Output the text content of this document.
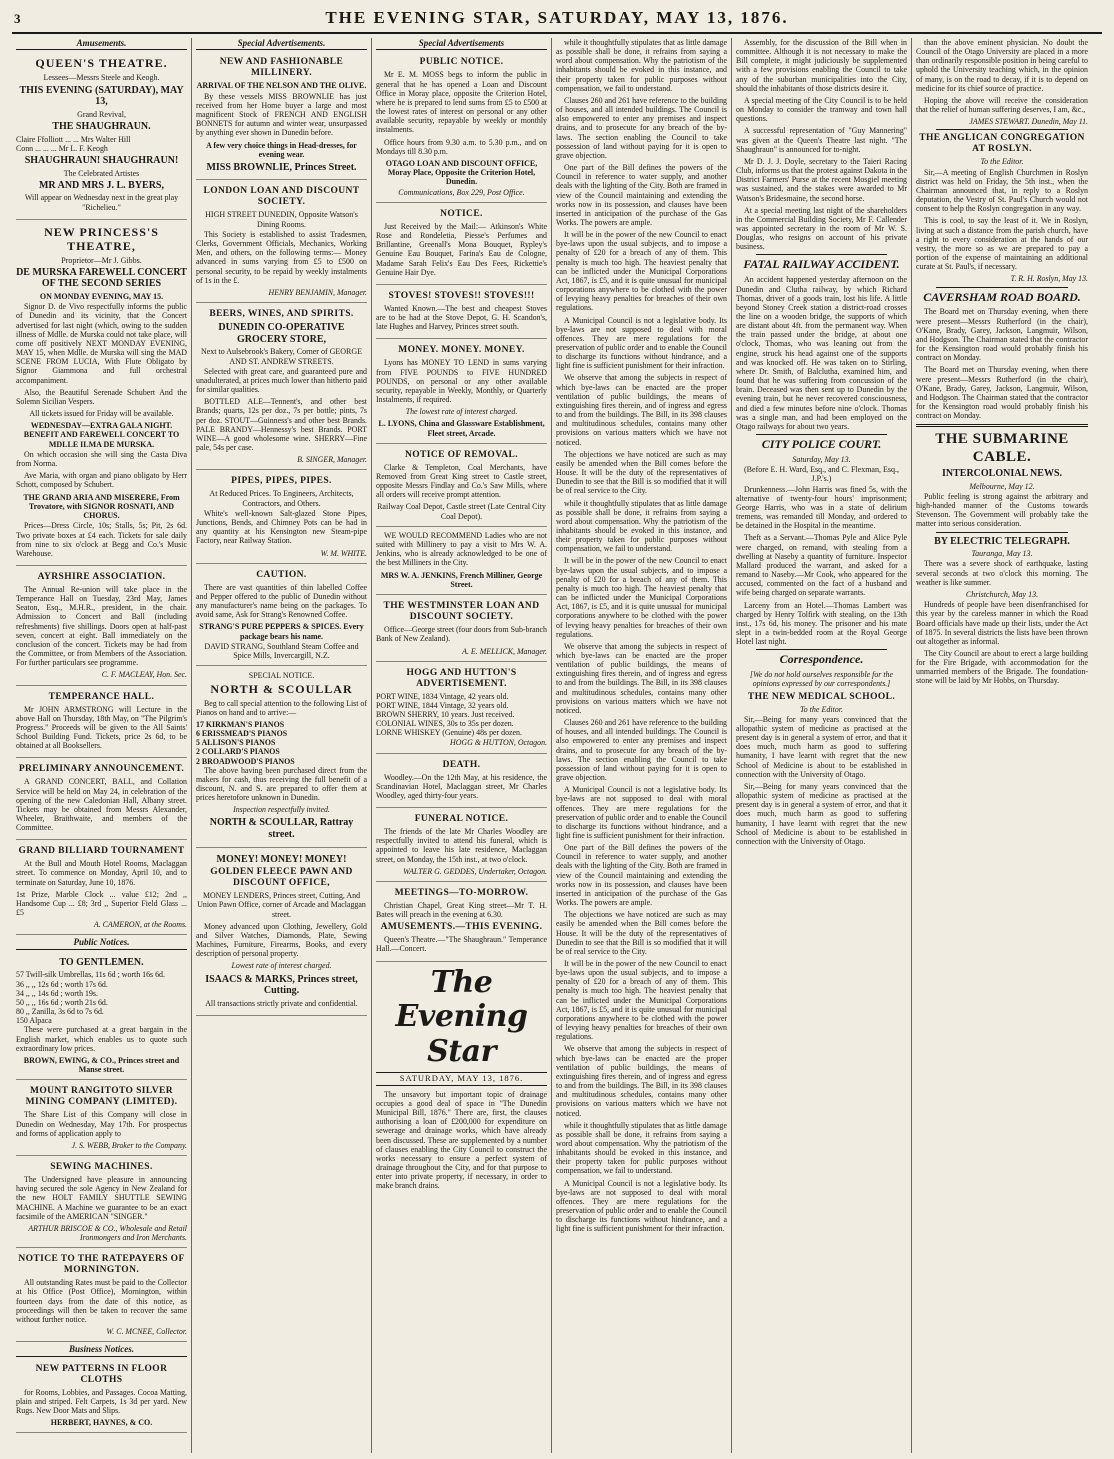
3	THE EVENING STAR, SATURDAY, MAY 13, 1876.
Amusements.
QUEEN'S THEATRE.
Lessees—Messrs Steele and Keogh.
THIS EVENING (SATURDAY), MAY 13,
Grand Revival,
THE SHAUGHRAUN.
Claire Ffolliott ... ... Mrs Walter Hill
Conn ... ... ... Mr L. F. Keogh
SHAUGHRAUN! SHAUGHRAUN!
The Celebrated Artistes
MR AND MRS J. L. BYERS,

Will appear on Wednesday next in the great play "Richelieu."

NEW PRINCESS'S THEATRE,
Proprietor—Mr J. Gibbs.
DE MURSKA FAREWELL CONCERT OF THE SECOND SERIES
ON MONDAY EVENING, MAY 15.

Signor D. de Vivo respectfully informs the public of Dunedin and its vicinity, that the Concert advertised for last night (which, owing to the sudden illness of Mdlle. de Murska could not take place, will come off positively NEXT MONDAY EVENING, MAY 15, when Mdlle. de Murska will sing the MAD SCENE FROM LUCIA, With Flute Obligato by Signor Giammona and full orchestral accompaniment.

Also, the Beautiful Serenade Schubert And the Solemn Sicilian Vespers.

All tickets issued for Friday will be available.

WEDNESDAY—EXTRA GALA NIGHT. BENEFIT AND FAREWELL CONCERT TO MDLLE ILMA DE MURSKA.

On which occasion she will sing the Casta Diva from Norma.

Ave Maria, with organ and piano obligato by Herr Schott, composed by Schubert.

THE GRAND ARIA AND MISERERE, From Trovatore, with SIGNOR ROSNATI, AND CHORUS.

Prices—Dress Circle, 10s; Stalls, 5s; Pit, 2s 6d. Two private boxes at £4 each. Tickets for sale daily from nine to six o'clock at Begg and Co.'s Music Warehouse.

AYRSHIRE ASSOCIATION.

The Annual Re-union will take place in the Temperance Hall on Tuesday, 23rd May, James Seaton, Esq., M.H.R., president, in the chair. Admission to Concert and Ball (including refreshments) five shillings. Doors open at half-past seven, concert at eight. Ball immediately on the conclusion of the concert. Tickets may be had from the Committee, or from Members of the Association. For further particulars see programme.

C. F. MACLEAY, Hon. Sec.
TEMPERANCE HALL.

Mr JOHN ARMSTRONG will Lecture in the above Hall on Thursday, 18th May, on "The Pilgrim's Progress." Proceeds will be given to the All Saints' School Building Fund. Tickets, price 2s 6d, to be obtained at all Booksellers.

PRELIMINARY ANNOUNCEMENT.

A GRAND CONCERT, BALL, and Collation Service will be held on May 24, in celebration of the opening of the new Caledonian Hall, Albany street. Tickets may be obtained from Messrs Alexander, Wheeler, Braithwaite, and members of the Committee.

GRAND BILLIARD TOURNAMENT

At the Bull and Mouth Hotel Rooms, Maclaggan street. To commence on Monday, April 10, and to terminate on Saturday, June 10, 1876.

1st Prize, Marble Clock ... value £12; 2nd ,, Handsome Cup ... £8; 3rd ,, Superior Field Glass ... £5

A. CAMERON, at the Rooms.
Public Notices.
TO GENTLEMEN.
57 Twill-silk Umbrellas, 11s 6d ; worth 16s 6d.
36 ,, ,, 12s 6d ; worth 17s 6d.
34 ,, ,, 14s 6d ; worth 19s.
50 ,, ,, 16s 6d ; worth 21s 6d.
80 ,, Zanilla, 3s 6d to 7s 6d.
150 Alpaca

These were purchased at a great bargain in the English market, which enables us to quote such extraordinary low prices.

BROWN, EWING, & CO., Princes street and Manse street.
MOUNT RANGITOTO SILVER MINING COMPANY (LIMITED).

The Share List of this Company will close in Dunedin on Wednesday, May 17th. For prospectus and forms of application apply to

J. S. WEBB, Broker to the Company.
SEWING MACHINES.

The Undersigned have pleasure in announcing having secured the sole Agency in New Zealand for the new HOLT FAMILY SHUTTLE SEWING MACHINE. A Machine we guarantee to be an exact facsimile of the AMERICAN "SINGER."

ARTHUR BRISCOE & CO., Wholesale and Retail Ironmongers and Iron Merchants.
NOTICE TO THE RATEPAYERS OF MORNINGTON.

All outstanding Rates must be paid to the Collector at his Office (Post Office), Mornington, within fourteen days from the date of this notice, as proceedings will then be taken to recover the same without further notice.

W. C. MCNEE, Collector.
Business Notices.
NEW PATTERNS IN FLOOR CLOTHS

for Rooms, Lobbies, and Passages. Cocoa Matting, plain and striped. Felt Carpets, 1s 3d per yard. New Rugs. New Door Mats and Slips.

HERBERT, HAYNES, & CO.
Special Advertisements.
NEW AND FASHIONABLE MILLINERY.
ARRIVAL OF THE NELSON AND THE OLIVE.

By these vessels MISS BROWNLIE has just received from her Home buyer a large and most magnificent Stock of FRENCH AND ENGLISH BONNETS for autumn and winter wear, unsurpassed by anything ever shown in Dunedin before.

A few very choice things in Head-dresses, for evening wear.

MISS BROWNLIE, Princes Street.
LONDON LOAN AND DISCOUNT SOCIETY.
HIGH STREET DUNEDIN, Opposite Watson's Dining Rooms.

This Society is established to assist Tradesmen, Clerks, Government Officials, Mechanics, Working Men, and others, on the following terms:— Money advanced in sums varying from £5 to £500 on personal security, to be repaid by weekly instalments of 1s in the £.

HENRY BENJAMIN, Manager.
BEERS, WINES, AND SPIRITS.
DUNEDIN CO-OPERATIVE GROCERY STORE,
Next to Aulsebrook's Bakery, Corner of GEORGE AND ST. ANDREW STREETS.

Selected with great care, and guaranteed pure and unadulterated, at prices much lower than hitherto paid for similar qualities.

BOTTLED ALE—Tennent's, and other best Brands; quarts, 12s per doz., 7s per bottle; pints, 7s per doz. STOUT—Guinness's and other best Brands. PALE BRANDY—Hennessy's best Brands. PORT WINE—A good wholesome wine. SHERRY—Fine pale, 54s per case.

B. SINGER, Manager.
PIPES, PIPES, PIPES.
At Reduced Prices. To Engineers, Architects, Contractors, and Others.

White's well-known Salt-glazed Stone Pipes, Junctions, Bends, and Chimney Pots can be had in any quantity at his Kensington new Steam-pipe Factory, near Railway Station.

W. M. WHITE.
CAUTION.

There are vast quantities of thin labelled Coffee and Pepper offered to the public of Dunedin without any manufacturer's name being on the packages. To avoid same, Ask for Strang's Renowned Coffee.

STRANG'S PURE PEPPERS & SPICES. Every package bears his name.
DAVID STRANG, Southland Steam Coffee and Spice Mills, Invercargill, N.Z.
SPECIAL NOTICE.
NORTH & SCOULLAR

Beg to call special attention to the following List of Pianos on hand and to arrive:—

17 KIRKMAN'S PIANOS
6 ERISSMEAD'S PIANOS
5 ALLISON'S PIANOS
2 COLLARD'S PIANOS
2 BROADWOOD'S PIANOS

The above having been purchased direct from the makers for cash, thus receiving the full benefit of a discount, N. and S. are prepared to offer them at prices heretofore unknown in Dunedin.

Inspection respectfully invited.

NORTH & SCOULLAR, Rattray street.
MONEY! MONEY! MONEY!
GOLDEN FLEECE PAWN AND DISCOUNT OFFICE,

MONEY LENDERS, Princes street, Cutting, And Union Pawn Office, corner of Arcade and Maclaggan street.

Money advanced upon Clothing, Jewellery, Gold and Silver Watches, Diamonds, Plate, Sewing Machines, Furniture, Firearms, Books, and every description of personal property.

Lowest rate of interest charged.

ISAACS & MARKS, Princes street, Cutting.

All transactions strictly private and confidential.

Special Advertisements
PUBLIC NOTICE.

Mr E. M. MOSS begs to inform the public in general that he has opened a Loan and Discount Office in Moray place, opposite the Criterion Hotel, where he is prepared to lend sums from £5 to £500 at the lowest rates of interest on personal or any other available security, repayable by weekly or monthly instalments.

Office hours from 9.30 a.m. to 5.30 p.m., and on Mondays till 8.30 p.m.

OTAGO LOAN AND DISCOUNT OFFICE, Moray Place, Opposite the Criterion Hotel, Dunedin.
Communications, Box 229, Post Office.
NOTICE.

Just Received by the Mail:— Atkinson's White Rose and Rondeletia, Piesse's Perfumes and Brillantine, Greenall's Mona Bouquet, Rypley's Genuine Eau Bouquet, Farina's Eau de Cologne, Madame Sarah Felix's Eau Des Fees, Rickettie's Genuine Hair Dye.

STOVES! STOVES!! STOVES!!!

Wanted Known.—The best and cheapest Stoves are to be had at the Stove Depot, G. H. Scandon's, late Hughes and Harvey, Princes street south.

MONEY. MONEY. MONEY.

Lyons has MONEY TO LEND in sums varying from FIVE POUNDS to FIVE HUNDRED POUNDS, on personal or any other available security, repayable in Weekly, Monthly, or Quarterly Instalments, if required.

The lowest rate of interest charged.

L. LYONS, China and Glassware Establishment, Fleet street, Arcade.
NOTICE OF REMOVAL.

Clarke & Templeton, Coal Merchants, have Removed from Great King street to Castle street, opposite Messrs Findlay and Co.'s Saw Mills, where all orders will receive prompt attention.

Railway Coal Depot, Castle street (Late Central City Coal Depot).

WE WOULD RECOMMEND Ladies who are not suited with Millinery to pay a visit to Mrs W. A. Jenkins, who is already acknowledged to be one of the best Milliners in the City.

MRS W. A. JENKINS, French Milliner, George Street.
THE WESTMINSTER LOAN AND DISCOUNT SOCIETY.

Office—George street (four doors from Sub-branch Bank of New Zealand).

A. E. MELLICK, Manager.
HOGG AND HUTTON'S ADVERTISEMENT.
PORT WINE, 1834 Vintage, 42 years old.
PORT WINE, 1844 Vintage, 32 years old.
BROWN SHERRY, 10 years. Just received.
COLONIAL WINES, 30s to 35s per dozen.
LORNE WHISKEY (Genuine) 48s per dozen.
HOGG & HUTTON, Octagon.
DEATH.

Woodley.—On the 12th May, at his residence, the Scandinavian Hotel, Maclaggan street, Mr Charles Woodley, aged thirty-four years.

FUNERAL NOTICE.

The friends of the late Mr Charles Woodley are respectfully invited to attend his funeral, which is appointed to leave his late residence, Maclaggan street, on Monday, the 15th inst., at two o'clock.

WALTER G. GEDDES, Undertaker, Octagon.
MEETINGS—TO-MORROW.

Christian Chapel, Great King street—Mr T. H. Bates will preach in the evening at 6.30.

AMUSEMENTS.—THIS EVENING.

Queen's Theatre.—"The Shaughraun." Temperance Hall.—Concert.

The Evening Star
SATURDAY, MAY 13, 1876.

The unsavory but important topic of drainage occupies a good deal of space in "The Dunedin Municipal Bill, 1876." There are, first, the clauses authorising a loan of £200,000 for expenditure on sewerage and drainage works, which have already been discussed. These are supplemented by a number of clauses enabling the City Council to construct the works necessary to ensure a perfect system of drainage throughout the City, and for that purpose to enter into private property, if necessary, in order to make branch drains.

while it thoughtfully stipulates that as little damage as possible shall be done, it refrains from saying a word about compensation. Why the patriotism of the inhabitants should be evoked in this instance, and their property taken for public purposes without compensation, we fail to understand.

Clauses 260 and 261 have reference to the building of houses, and all intended buildings. The Council is also empowered to enter any premises and inspect drains, and to prosecute for any breach of the by-laws. The section enabling the Council to take possession of land without paying for it is open to grave objection.

One part of the Bill defines the powers of the Council in reference to water supply, and another deals with the lighting of the City. Both are framed in view of the Council maintaining and extending the works now in its possession, and clauses have been inserted in anticipation of the purchase of the Gas Works. The powers are ample.

It will be in the power of the new Council to enact bye-laws upon the usual subjects, and to impose a penalty of £20 for a breach of any of them. This penalty is much too high. The heaviest penalty that can be inflicted under the Municipal Corporations Act, 1867, is £5, and it is quite unusual for municipal corporations anywhere to be clothed with the power of levying heavy penalties for breaches of their own regulations.

A Municipal Council is not a legislative body. Its bye-laws are not supposed to deal with moral offences. They are mere regulations for the preservation of public order and to enable the Council to discharge its functions without hindrance, and a light fine is sufficient punishment for their infraction.

We observe that among the subjects in respect of which bye-laws can be enacted are the proper ventilation of public buildings, the means of extinguishing fires therein, and of ingress and egress to and from the buildings. The Bill, in its 398 clauses and multitudinous schedules, contains many other provisions on various matters which we have not noticed.

The objections we have noticed are such as may easily be amended when the Bill comes before the House. It will be the duty of the representatives of Dunedin to see that the Bill is so modified that it will be of real service to the City.

while it thoughtfully stipulates that as little damage as possible shall be done, it refrains from saying a word about compensation. Why the patriotism of the inhabitants should be evoked in this instance, and their property taken for public purposes without compensation, we fail to understand.

It will be in the power of the new Council to enact bye-laws upon the usual subjects, and to impose a penalty of £20 for a breach of any of them. This penalty is much too high. The heaviest penalty that can be inflicted under the Municipal Corporations Act, 1867, is £5, and it is quite unusual for municipal corporations anywhere to be clothed with the power of levying heavy penalties for breaches of their own regulations.

We observe that among the subjects in respect of which bye-laws can be enacted are the proper ventilation of public buildings, the means of extinguishing fires therein, and of ingress and egress to and from the buildings. The Bill, in its 398 clauses and multitudinous schedules, contains many other provisions on various matters which we have not noticed.

Clauses 260 and 261 have reference to the building of houses, and all intended buildings. The Council is also empowered to enter any premises and inspect drains, and to prosecute for any breach of the by-laws. The section enabling the Council to take possession of land without paying for it is open to grave objection.

A Municipal Council is not a legislative body. Its bye-laws are not supposed to deal with moral offences. They are mere regulations for the preservation of public order and to enable the Council to discharge its functions without hindrance, and a light fine is sufficient punishment for their infraction.

One part of the Bill defines the powers of the Council in reference to water supply, and another deals with the lighting of the City. Both are framed in view of the Council maintaining and extending the works now in its possession, and clauses have been inserted in anticipation of the purchase of the Gas Works. The powers are ample.

The objections we have noticed are such as may easily be amended when the Bill comes before the House. It will be the duty of the representatives of Dunedin to see that the Bill is so modified that it will be of real service to the City.

It will be in the power of the new Council to enact bye-laws upon the usual subjects, and to impose a penalty of £20 for a breach of any of them. This penalty is much too high. The heaviest penalty that can be inflicted under the Municipal Corporations Act, 1867, is £5, and it is quite unusual for municipal corporations anywhere to be clothed with the power of levying heavy penalties for breaches of their own regulations.

We observe that among the subjects in respect of which bye-laws can be enacted are the proper ventilation of public buildings, the means of extinguishing fires therein, and of ingress and egress to and from the buildings. The Bill, in its 398 clauses and multitudinous schedules, contains many other provisions on various matters which we have not noticed.

while it thoughtfully stipulates that as little damage as possible shall be done, it refrains from saying a word about compensation. Why the patriotism of the inhabitants should be evoked in this instance, and their property taken for public purposes without compensation, we fail to understand.

A Municipal Council is not a legislative body. Its bye-laws are not supposed to deal with moral offences. They are mere regulations for the preservation of public order and to enable the Council to discharge its functions without hindrance, and a light fine is sufficient punishment for their infraction.

Assembly, for the discussion of the Bill when in committee. Although it is not necessary to make the Bill complete, it might judiciously be supplemented with a few provisions enabling the Council to take any of the suburban municipalities into the City, should the inhabitants of those districts desire it.

A special meeting of the City Council is to be held on Monday to consider the tramway and town hall questions.

A successful representation of "Guy Mannering" was given at the Queen's Theatre last night. "The Shaughraun" is announced for to-night.

Mr D. J. J. Doyle, secretary to the Taieri Racing Club, informs us that the protest against Dakota in the District Farmers' Purse at the recent Mosgiel meeting was sustained, and the stakes were awarded to Mr Watson's Bridesmaine, the second horse.

At a special meeting last night of the shareholders in the Commercial Building Society, Mr F. Callender was appointed secretary in the room of Mr W. S. Douglas, who resigns on account of his private business.

FATAL RAILWAY ACCIDENT.

An accident happened yesterday afternoon on the Dunedin and Clutha railway, by which Richard Thomas, driver of a goods train, lost his life. A little beyond Stoney Creek station a district-road crosses the line on a wooden bridge, the supports of which are distant about 4ft. from the permanent way. When the train passed under the bridge, at about one o'clock, Thomas, who was leaning out from the engine, struck his head against one of the supports and was knocked off. He was taken on to Stirling, where Dr. Smith, of Balclutha, examined him, and found that he was suffering from concussion of the brain. Deceased was then sent up to Dunedin by the evening train, but he never recovered consciousness, and died a few minutes before nine o'clock. Thomas was a single man, and had been employed on the Otago railways for about two years.

CITY POLICE COURT.
Saturday, May 13.
(Before E. H. Ward, Esq., and C. Flexman, Esq., J.P.'s.)

Drunkenness.—John Harris was fined 5s, with the alternative of twenty-four hours' imprisonment; George Harris, who was in a state of delirium tremens, was remanded till Monday, and ordered to be detained in the Hospital in the meantime.

Theft as a Servant.—Thomas Pyle and Alice Pyle were charged, on remand, with stealing from a dwelling at Naseby a quantity of furniture. Inspector Mallard produced the warrant, and asked for a remand to Naseby.—Mr Cook, who appeared for the accused, commented on the fact of a husband and wife being charged on separate warrants.

Larceny from an Hotel.—Thomas Lambert was charged by Henry Tolfirk with stealing, on the 13th inst., 17s 6d, his money. The prisoner and his mate slept in a twin-bedded room at the Royal George Hotel last night.

Correspondence.

[We do not hold ourselves responsible for the opinions expressed by our correspondents.]

THE NEW MEDICAL SCHOOL.
To the Editor.

Sir,—Being for many years convinced that the allopathic system of medicine as practised at the present day is in general a system of error, and that it does much, much harm as good to suffering humanity, I have learnt with regret that the new School of Medicine is about to be established in connection with the University of Otago.

Sir,—Being for many years convinced that the allopathic system of medicine as practised at the present day is in general a system of error, and that it does much, much harm as good to suffering humanity, I have learnt with regret that the new School of Medicine is about to be established in connection with the University of Otago.

than the above eminent physician. No doubt the Council of the Otago University are placed in a more than ordinarily responsible position in being careful to uphold the University teaching which, in the opinion of many, is on the road to decay, if it is to depend on medicine for its chief source of practice.

Hoping the above will receive the consideration that the relief of human suffering deserves, I am, &c.,

JAMES STEWART. Dunedin, May 11.
THE ANGLICAN CONGREGATION AT ROSLYN.
To the Editor.

Sir,—A meeting of English Churchmen in Roslyn district was held on Friday, the 5th inst., when the Chairman announced that, in reply to a Roslyn deputation, the Vestry of St. Paul's Church would not consent to help the Roslyn congregation in any way.

This is cool, to say the least of it. We in Roslyn, living at such a distance from the parish church, have a right to every consideration at the hands of our vestry, the more so as we are prepared to pay a portion of the expense of maintaining an additional curate at St. Paul's, if necessary.

T. R. H. Roslyn, May 13.
CAVERSHAM ROAD BOARD.

The Board met on Thursday evening, when there were present—Messrs Rutherford (in the chair), O'Kane, Brady, Garey, Jackson, Langmuir, Wilson, and Hodgson. The Chairman stated that the contractor for the Kensington road would probably finish his contract on Monday.

The Board met on Thursday evening, when there were present—Messrs Rutherford (in the chair), O'Kane, Brady, Garey, Jackson, Langmuir, Wilson, and Hodgson. The Chairman stated that the contractor for the Kensington road would probably finish his contract on Monday.

THE SUBMARINE CABLE.
INTERCOLONIAL NEWS.
Melbourne, May 12.

Public feeling is strong against the arbitrary and high-handed manner of the Customs towards Stevenson. The Government will probably take the matter into serious consideration.

BY ELECTRIC TELEGRAPH.
Tauranga, May 13.

There was a severe shock of earthquake, lasting several seconds at two o'clock this morning. The weather is like summer.

Christchurch, May 13.

Hundreds of people have been disenfranchised for this year by the careless manner in which the Road Board officials have made up their lists, under the Act of 1875. In several districts the lists have been thrown out altogether as informal.

The City Council are about to erect a large building for the Fire Brigade, with accommodation for the unmarried members of the Brigade. The foundation-stone will be laid by Mr Hobbs, on Thursday.
